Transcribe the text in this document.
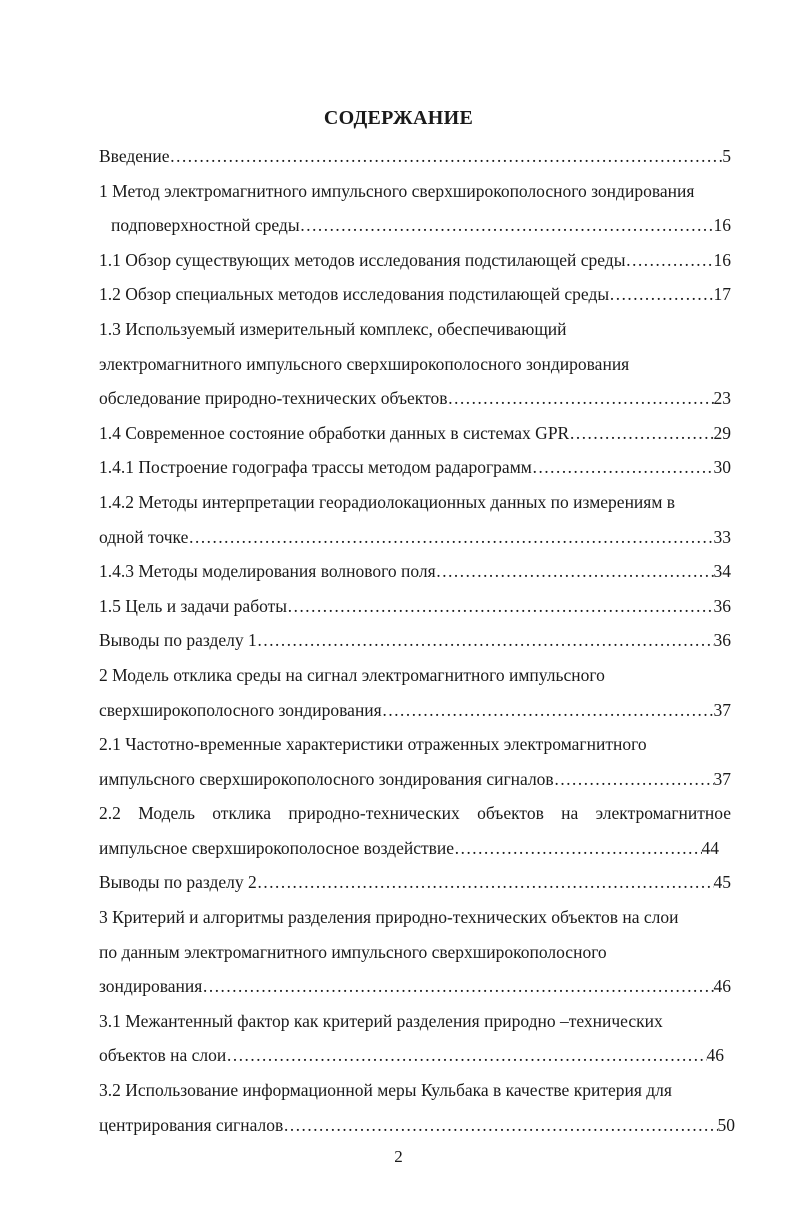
СОДЕРЖАНИЕ
Введение …………………………………………………………………………………………………………………………………………………………………………………………………………………	5
1 Метод электромагнитного импульсного сверхширокополосного зондирования
подповерхностной среды …………………………………………………………………………………………………………………………………………………………………………………………………………………	16
1.1 Обзор существующих методов исследования подстилающей среды …………………………………………………………………………………………………………………………………………………………………………………………………………………	16
1.2 Обзор специальных методов исследования подстилающей среды …………………………………………………………………………………………………………………………………………………………………………………………………………………	17
1.3 Используемый измерительный комплекс, обеспечивающий
электромагнитного импульсного сверхширокополосного зондирования
обследование природно-технических объектов …………………………………………………………………………………………………………………………………………………………………………………………………………………	23
1.4 Современное состояние обработки данных в системах GPR …………………………………………………………………………………………………………………………………………………………………………………………………………………	29
1.4.1 Построение годографа трассы методом радарограмм …………………………………………………………………………………………………………………………………………………………………………………………………………………	30
1.4.2 Методы интерпретации георадиолокационных данных по измерениям в
одной точке …………………………………………………………………………………………………………………………………………………………………………………………………………………	33
1.4.3 Методы моделирования волнового поля …………………………………………………………………………………………………………………………………………………………………………………………………………………	34
1.5 Цель и задачи работы …………………………………………………………………………………………………………………………………………………………………………………………………………………	36
Выводы по разделу 1 …………………………………………………………………………………………………………………………………………………………………………………………………………………	36
2 Модель отклика среды на сигнал электромагнитного импульсного
сверхширокополосного зондирования …………………………………………………………………………………………………………………………………………………………………………………………………………………	37
2.1 Частотно-временные характеристики отраженных электромагнитного
импульсного сверхширокополосного зондирования сигналов …………………………………………………………………………………………………………………………………………………………………………………………………………………	37
2.2 Модель отклика природно-технических объектов на электромагнитное
импульсное сверхширокополосное воздействие …………………………………………………………………………………………………………………………………………………………………………………………………………………	44
Выводы по разделу 2 …………………………………………………………………………………………………………………………………………………………………………………………………………………	45
3 Критерий и алгоритмы разделения природно-технических объектов на слои
по данным электромагнитного импульсного сверхширокополосного
зондирования …………………………………………………………………………………………………………………………………………………………………………………………………………………	46
3.1 Межантенный фактор как критерий разделения природно –технических
объектов на слои …………………………………………………………………………………………………………………………………………………………………………………………………………………	46
3.2 Использование информационной меры Кульбака в качестве критерия для
центрирования сигналов …………………………………………………………………………………………………………………………………………………………………………………………………………………	50
2
